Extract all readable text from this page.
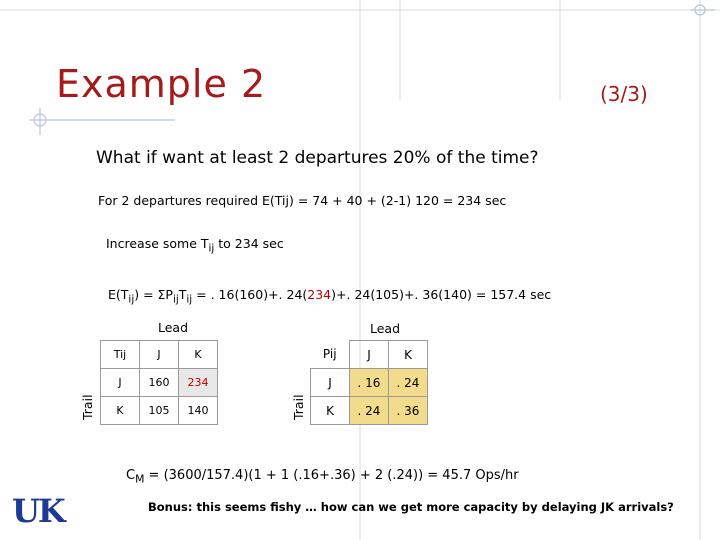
Example 2	(3/3)
What if want at least 2 departures 20% of the time?
For 2 departures required E(Tij) = 74 + 40 + (2-1) 120 = 234 sec
Increase some $T_{ij}$ to 234 sec
$E(T_{ij}) = \Sigma P_{ij}T_{ij}$ = . 16(160)+. 24(234)+. 24(105)+. 36(140) = 157.4 sec
Lead
Trail
Tij	J	K
J	160	234
K	105	140
Lead
Trail
Pij	J	K
J	. 16	. 24
K	. 24	. 36
$C_M = (3600/157.4)(1 + 1$ (.16+.36) + 2 (.24)) = 45.7 Ops/hr
Bonus: this seems fishy … how can we get more capacity by delaying JK arrivals?
UK
